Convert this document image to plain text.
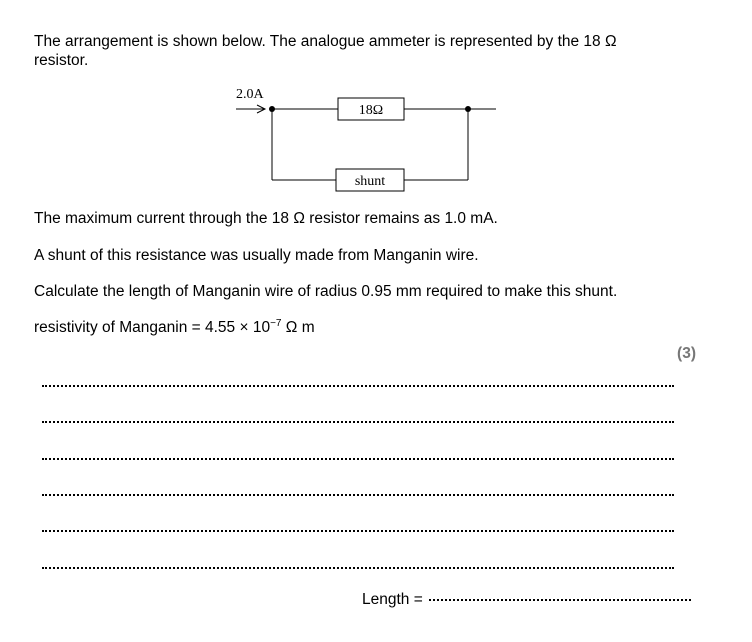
The arrangement is shown below. The analogue ammeter is represented by the 18 Ω resistor.

2.0A
18Ω
shunt

The maximum current through the 18 Ω resistor remains as 1.0 mA.

A shunt of this resistance was usually made from Manganin wire.

Calculate the length of Manganin wire of radius 0.95 mm required to make this shunt.

resistivity of Manganin = $4.55 \times 10^{-7}$ Ω m

(3)

Length =
